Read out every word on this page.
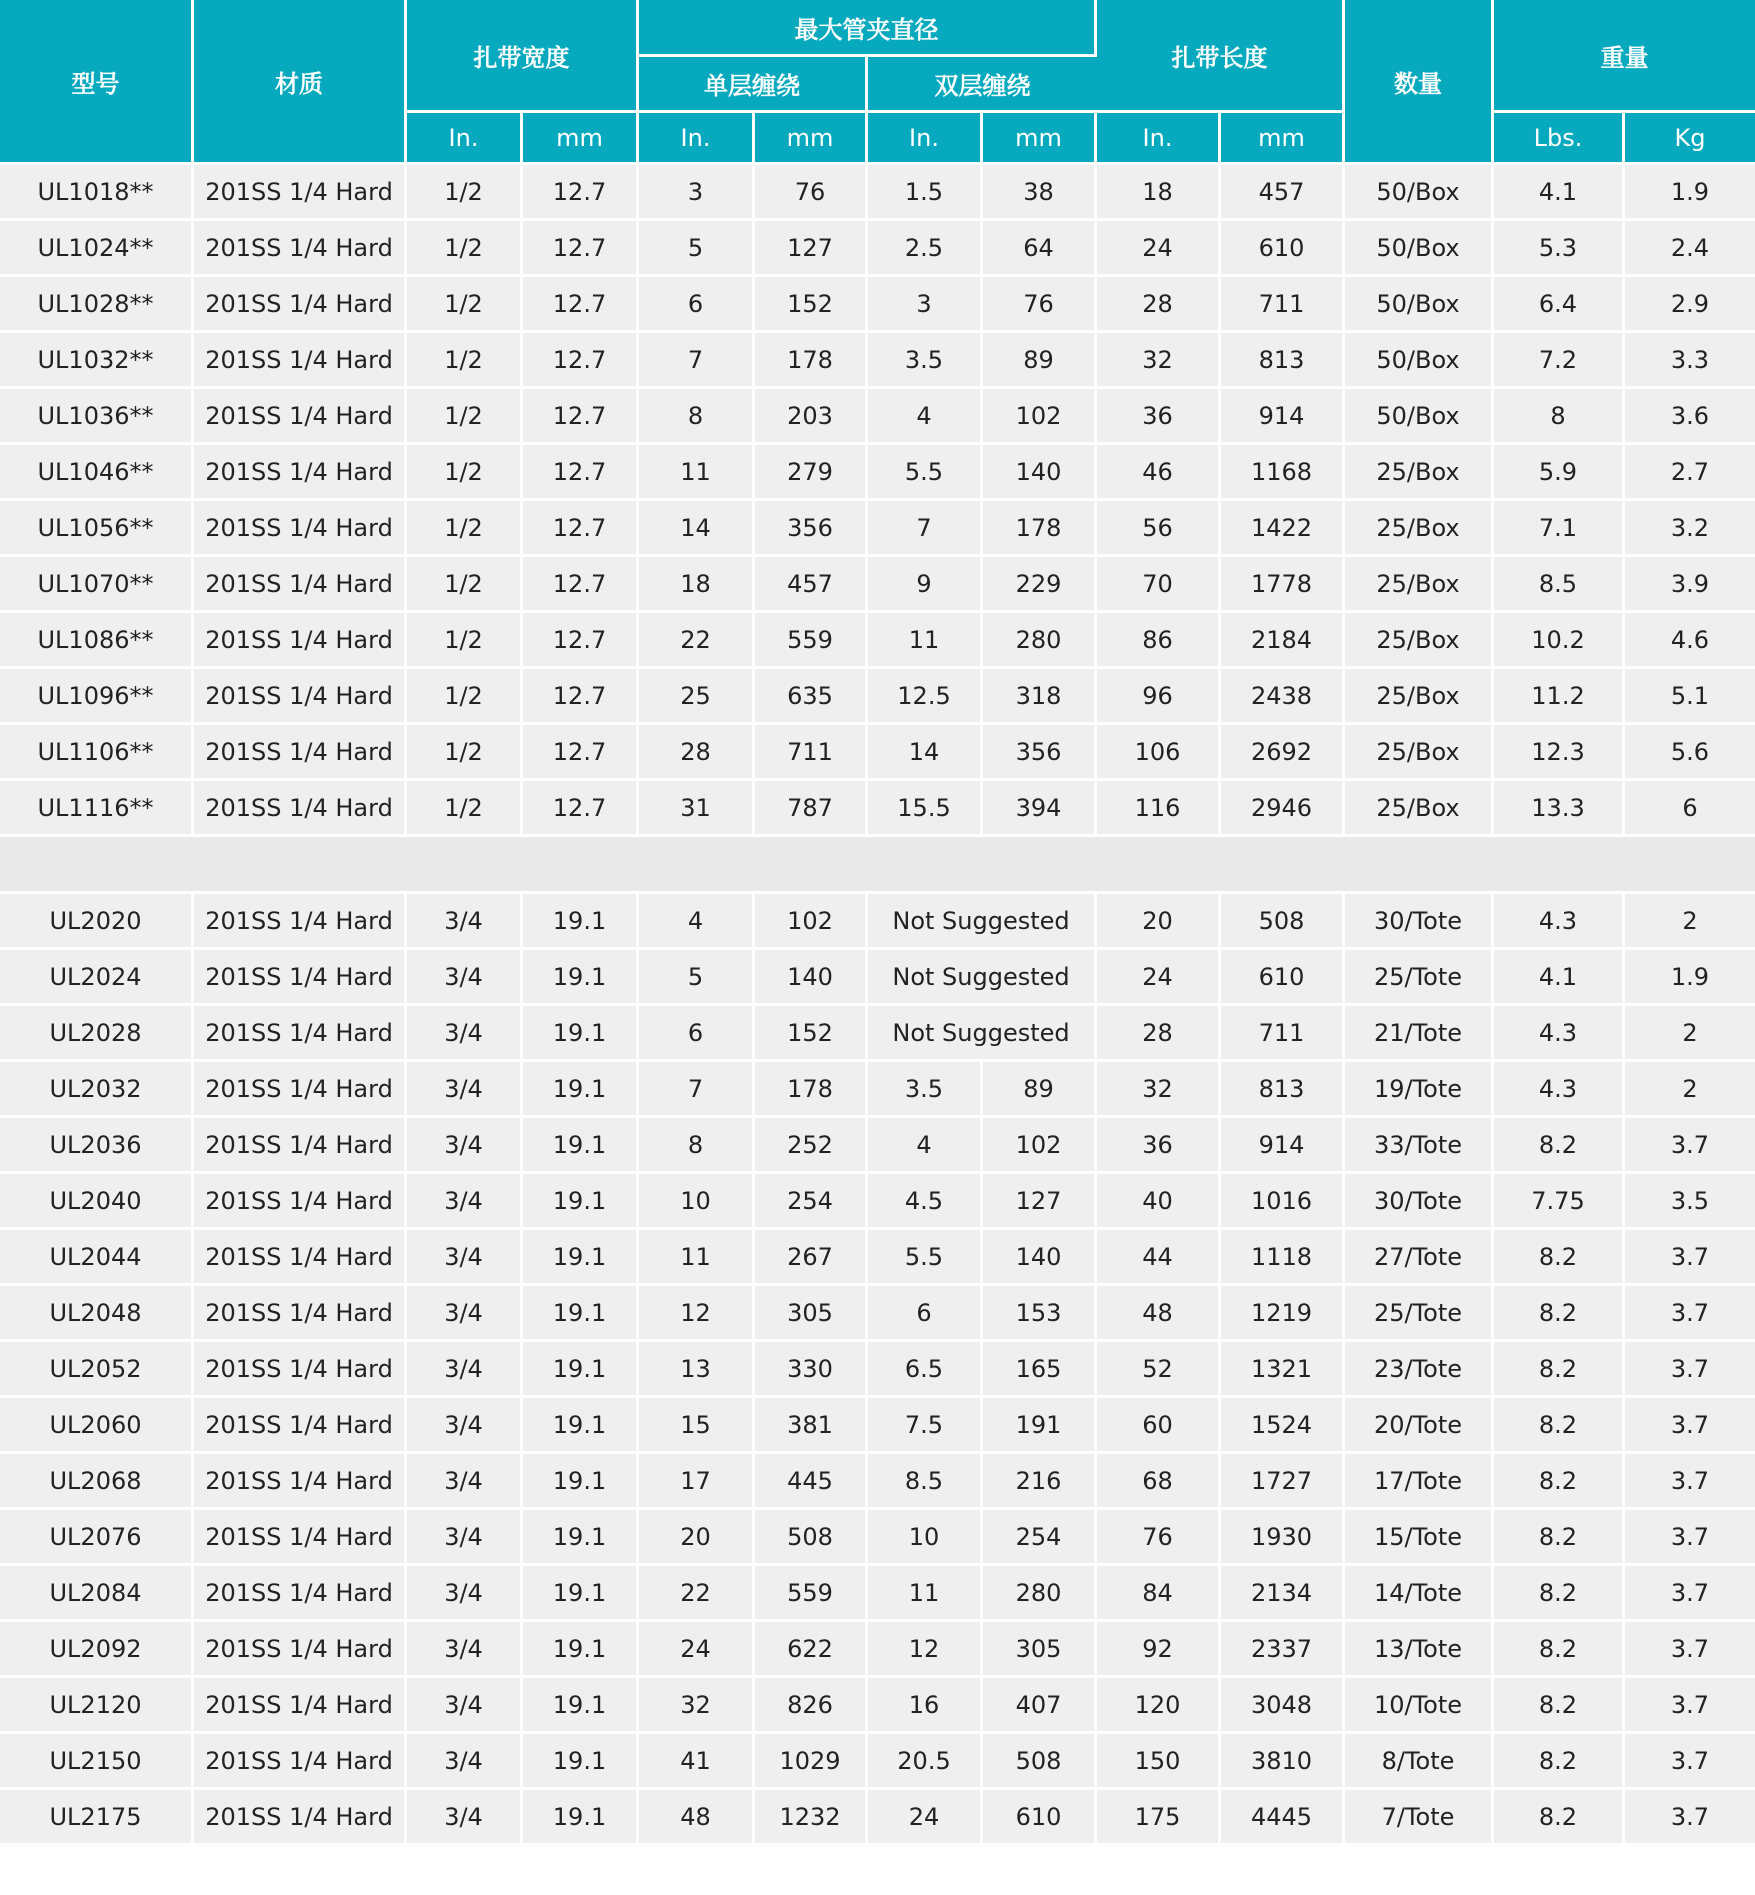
型号	材质	扎带宽度		最大管夹直径				扎带长度		数量	重量	
				单层缠绕		双层缠绕						
		In.	mm	In.	mm	In.	mm	In.	mm		Lbs.	Kg
UL1018**	201SS 1/4 Hard	1/2	12.7	3	76	1.5	38	18	457	50/Box	4.1	1.9
UL1024**	201SS 1/4 Hard	1/2	12.7	5	127	2.5	64	24	610	50/Box	5.3	2.4
UL1028**	201SS 1/4 Hard	1/2	12.7	6	152	3	76	28	711	50/Box	6.4	2.9
UL1032**	201SS 1/4 Hard	1/2	12.7	7	178	3.5	89	32	813	50/Box	7.2	3.3
UL1036**	201SS 1/4 Hard	1/2	12.7	8	203	4	102	36	914	50/Box	8	3.6
UL1046**	201SS 1/4 Hard	1/2	12.7	11	279	5.5	140	46	1168	25/Box	5.9	2.7
UL1056**	201SS 1/4 Hard	1/2	12.7	14	356	7	178	56	1422	25/Box	7.1	3.2
UL1070**	201SS 1/4 Hard	1/2	12.7	18	457	9	229	70	1778	25/Box	8.5	3.9
UL1086**	201SS 1/4 Hard	1/2	12.7	22	559	11	280	86	2184	25/Box	10.2	4.6
UL1096**	201SS 1/4 Hard	1/2	12.7	25	635	12.5	318	96	2438	25/Box	11.2	5.1
UL1106**	201SS 1/4 Hard	1/2	12.7	28	711	14	356	106	2692	25/Box	12.3	5.6
UL1116**	201SS 1/4 Hard	1/2	12.7	31	787	15.5	394	116	2946	25/Box	13.3	6

UL2020	201SS 1/4 Hard	3/4	19.1	4	102	Not Suggested		20	508	30/Tote	4.3	2
UL2024	201SS 1/4 Hard	3/4	19.1	5	140	Not Suggested		24	610	25/Tote	4.1	1.9
UL2028	201SS 1/4 Hard	3/4	19.1	6	152	Not Suggested		28	711	21/Tote	4.3	2
UL2032	201SS 1/4 Hard	3/4	19.1	7	178	3.5	89	32	813	19/Tote	4.3	2
UL2036	201SS 1/4 Hard	3/4	19.1	8	252	4	102	36	914	33/Tote	8.2	3.7
UL2040	201SS 1/4 Hard	3/4	19.1	10	254	4.5	127	40	1016	30/Tote	7.75	3.5
UL2044	201SS 1/4 Hard	3/4	19.1	11	267	5.5	140	44	1118	27/Tote	8.2	3.7
UL2048	201SS 1/4 Hard	3/4	19.1	12	305	6	153	48	1219	25/Tote	8.2	3.7
UL2052	201SS 1/4 Hard	3/4	19.1	13	330	6.5	165	52	1321	23/Tote	8.2	3.7
UL2060	201SS 1/4 Hard	3/4	19.1	15	381	7.5	191	60	1524	20/Tote	8.2	3.7
UL2068	201SS 1/4 Hard	3/4	19.1	17	445	8.5	216	68	1727	17/Tote	8.2	3.7
UL2076	201SS 1/4 Hard	3/4	19.1	20	508	10	254	76	1930	15/Tote	8.2	3.7
UL2084	201SS 1/4 Hard	3/4	19.1	22	559	11	280	84	2134	14/Tote	8.2	3.7
UL2092	201SS 1/4 Hard	3/4	19.1	24	622	12	305	92	2337	13/Tote	8.2	3.7
UL2120	201SS 1/4 Hard	3/4	19.1	32	826	16	407	120	3048	10/Tote	8.2	3.7
UL2150	201SS 1/4 Hard	3/4	19.1	41	1029	20.5	508	150	3810	8/Tote	8.2	3.7
UL2175	201SS 1/4 Hard	3/4	19.1	48	1232	24	610	175	4445	7/Tote	8.2	3.7
